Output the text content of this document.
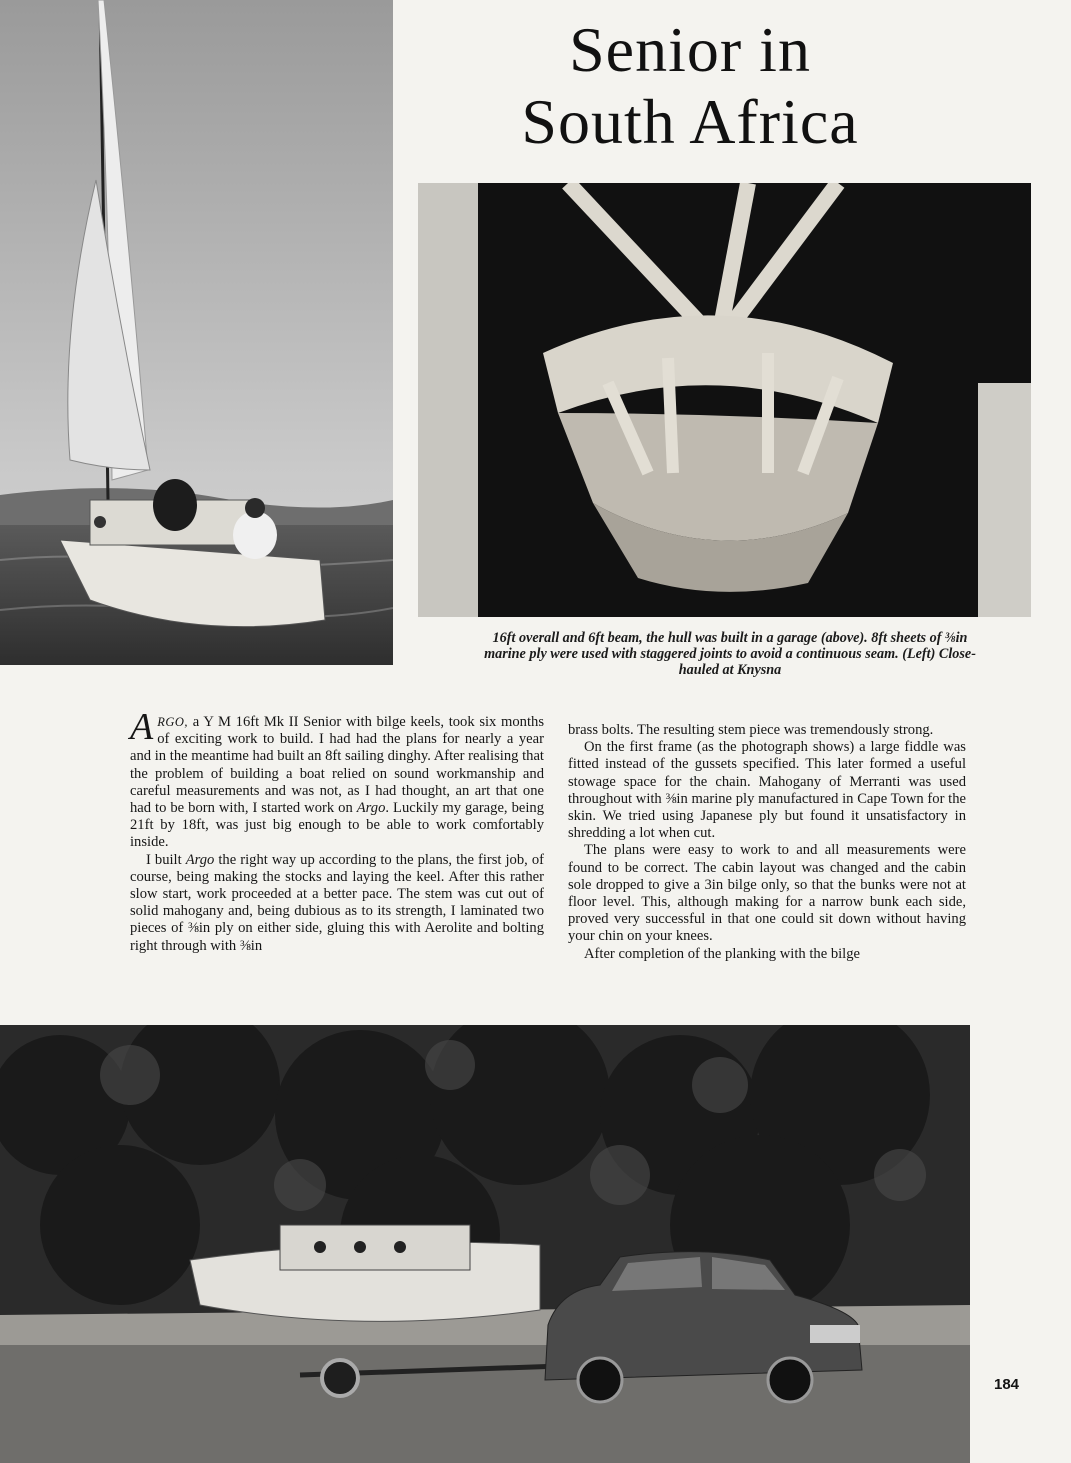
Senior in
South Africa
16ft overall and 6ft beam, the hull was built in a garage (above). 8ft sheets of ⅜in marine ply were used with staggered joints to avoid a continuous seam. (Left) Close-hauled at Knysna

ARGO, a Y M 16ft Mk II Senior with bilge keels, took six months of exciting work to build. I had had the plans for nearly a year and in the meantime had built an 8ft sailing dinghy. After realising that the problem of building a boat relied on sound workmanship and careful measurements and was not, as I had thought, an art that one had to be born with, I started work on Argo. Luckily my garage, being 21ft by 18ft, was just big enough to be able to work comfortably inside.

I built Argo the right way up according to the plans, the first job, of course, being making the stocks and laying the keel. After this rather slow start, work proceeded at a better pace. The stem was cut out of solid mahogany and, being dubious as to its strength, I laminated two pieces of ⅜in ply on either side, gluing this with Aerolite and bolting right through with ⅜in

brass bolts. The resulting stem piece was tremendously strong.

On the first frame (as the photograph shows) a large fiddle was fitted instead of the gussets specified. This later formed a useful stowage space for the chain. Mahogany of Merranti was used throughout with ⅜in marine ply manufactured in Cape Town for the skin. We tried using Japanese ply but found it unsatisfactory in shredding a lot when cut.

The plans were easy to work to and all measurements were found to be correct. The cabin layout was changed and the cabin sole dropped to give a 3in bilge only, so that the bunks were not at floor level. This, although making for a narrow bunk each side, proved very successful in that one could sit down without having your chin on your knees.

After completion of the planking with the bilge

184
